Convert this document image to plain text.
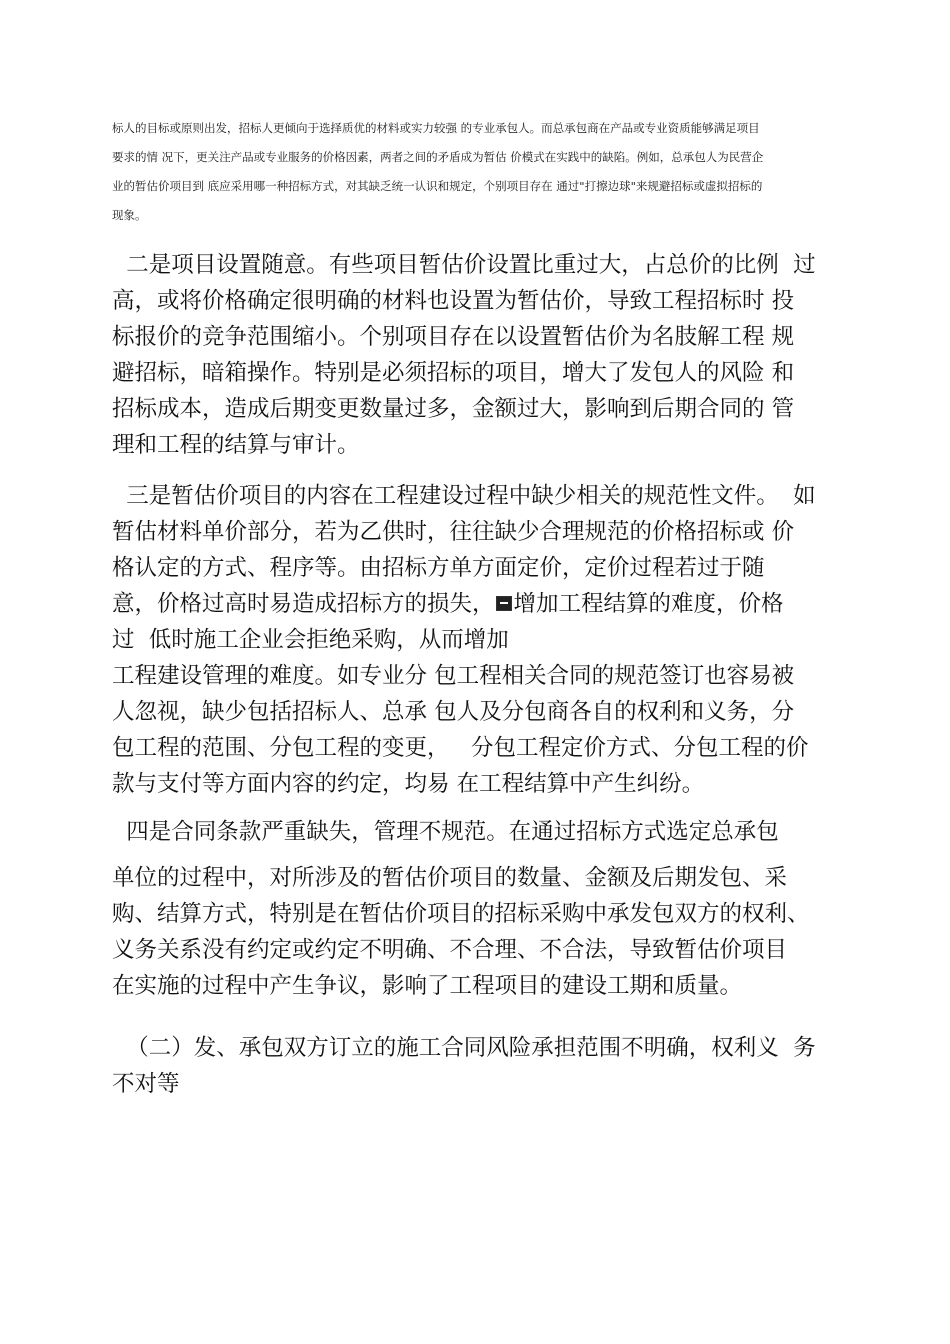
标人的目标或原则出发，招标人更倾向于选择质优的材料或实力较强 的专业承包人。而总承包商在产品或专业资质能够满足项目
要求的情 况下，更关注产品或专业服务的价格因素，两者之间的矛盾成为暂估 价模式在实践中的缺陷。例如，总承包人为民营企
业的暂估价项目到 底应采用哪一种招标方式，对其缺乏统一认识和规定，个别项目存在 通过"打擦边球"来规避招标或虚拟招标的
现象。
二是项目设置随意。有些项目暂估价设置比重过大，占总价的比例  过
高，或将价格确定很明确的材料也设置为暂估价，导致工程招标时 投
标报价的竞争范围缩小。个别项目存在以设置暂估价为名肢解工程 规
避招标，暗箱操作。特别是必须招标的项目，增大了发包人的风险 和
招标成本，造成后期变更数量过多，金额过大，影响到后期合同的 管
理和工程的结算与审计。
三是暂估价项目的内容在工程建设过程中缺少相关的规范性文件。  如
暂估材料单价部分，若为乙供时，往往缺少合理规范的价格招标或 价
格认定的方式、程序等。由招标方单方面定价，定价过程若过于随
意，价格过高时易造成招标方的损失， 增加工程结算的难度，价格
过  低时施工企业会拒绝采购，从而增加
工程建设管理的难度。如专业分 包工程相关合同的规范签订也容易被
人忽视，缺少包括招标人、总承 包人及分包商各自的权利和义务，分
包工程的范围、分包工程的变更，   分包工程定价方式、分包工程的价
款与支付等方面内容的约定，均易 在工程结算中产生纠纷。
四是合同条款严重缺失，管理不规范。在通过招标方式选定总承包
单位的过程中，对所涉及的暂估价项目的数量、金额及后期发包、采
购、结算方式，特别是在暂估价项目的招标采购中承发包双方的权利、
义务关系没有约定或约定不明确、不合理、不合法，导致暂估价项目
在实施的过程中产生争议，影响了工程项目的建设工期和质量。
（二）发、承包双方订立的施工合同风险承担范围不明确，权利义  务
不对等
